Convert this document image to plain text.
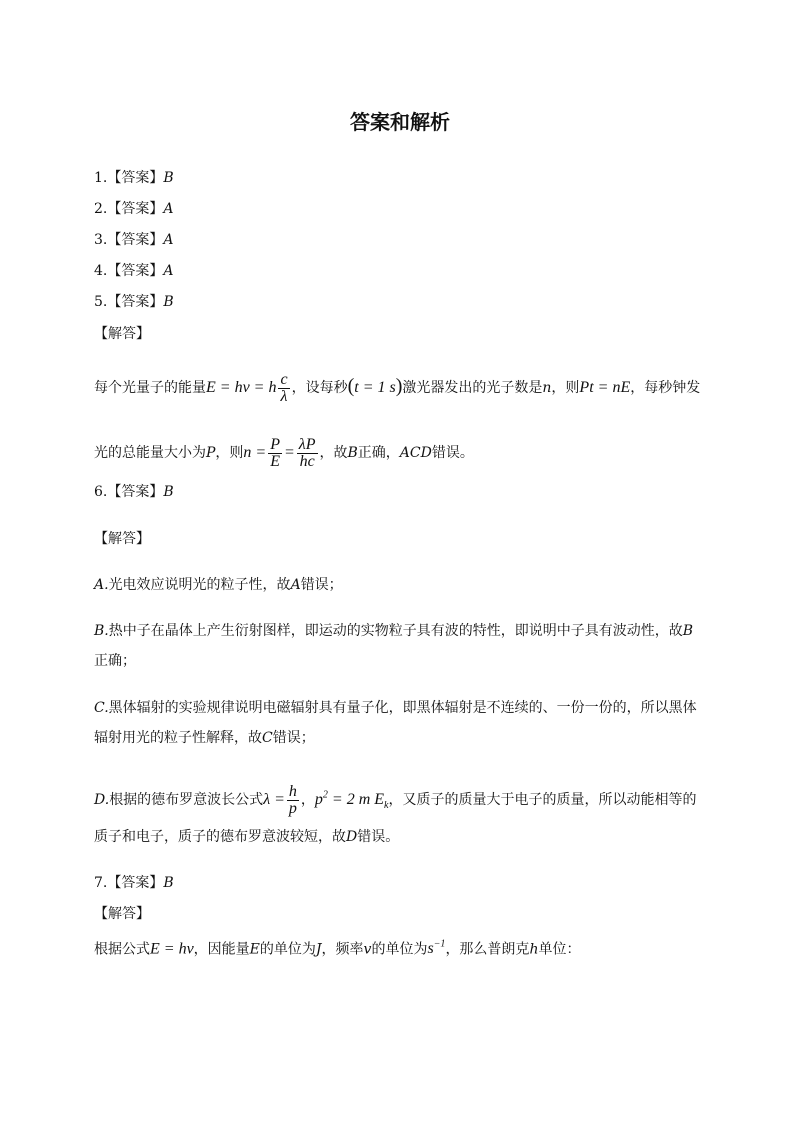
答案和解析
1.【答案】B
2.【答案】A
3.【答案】A
4.【答案】A
5.【答案】B
【解答】
每个光量子的能量E = hν = h $\frac{c}{\lambda}$ ，设每秒(t = 1 s)激光器发出的光子数是n，则Pt = nE，每秒钟发
光的总能量大小为P，则$n = \frac{P}{E} = \frac{\lambda P}{hc}$ ，故B正确，ACD错误。
6.【答案】B
【解答】
A.光电效应说明光的粒子性，故A错误；
B.热中子在晶体上产生衍射图样，即运动的实物粒子具有波的特性，即说明中子具有波动性，故B
正确；
C.黑体辐射的实验规律说明电磁辐射具有量子化，即黑体辐射是不连续的、一份一份的，所以黑体
辐射用光的粒子性解释，故C错误；
D.根据的德布罗意波长公式$\lambda = \frac{h}{p}$ ，$p^2 = 2$ m $E_k$，又质子的质量大于电子的质量，所以动能相等的
质子和电子，质子的德布罗意波较短，故D错误。
7.【答案】B
【解答】
根据公式E = hν，因能量E的单位为J，频率v的单位为$s^{-1}$，那么普朗克h单位：
